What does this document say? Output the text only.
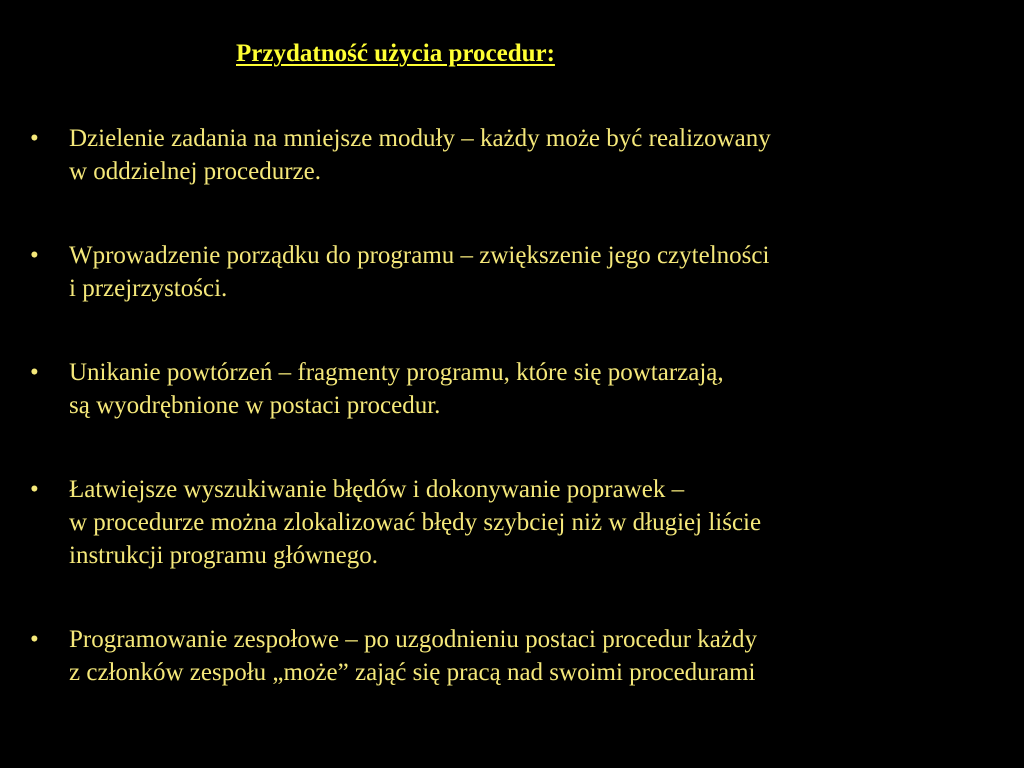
Przydatność użycia procedur:
•	Dzielenie zadania na mniejsze moduły – każdy może być realizowany
w oddzielnej procedurze.
•	Wprowadzenie porządku do programu – zwiększenie jego czytelności
i przejrzystości.
•	Unikanie powtórzeń – fragmenty programu, które się powtarzają,
są wyodrębnione w postaci procedur.
•	Łatwiejsze wyszukiwanie błędów i dokonywanie poprawek –
w procedurze można zlokalizować błędy szybciej niż w długiej liście
instrukcji programu głównego.
•	Programowanie zespołowe – po uzgodnieniu postaci procedur każdy
z członków zespołu „może” zająć się pracą nad swoimi procedurami
